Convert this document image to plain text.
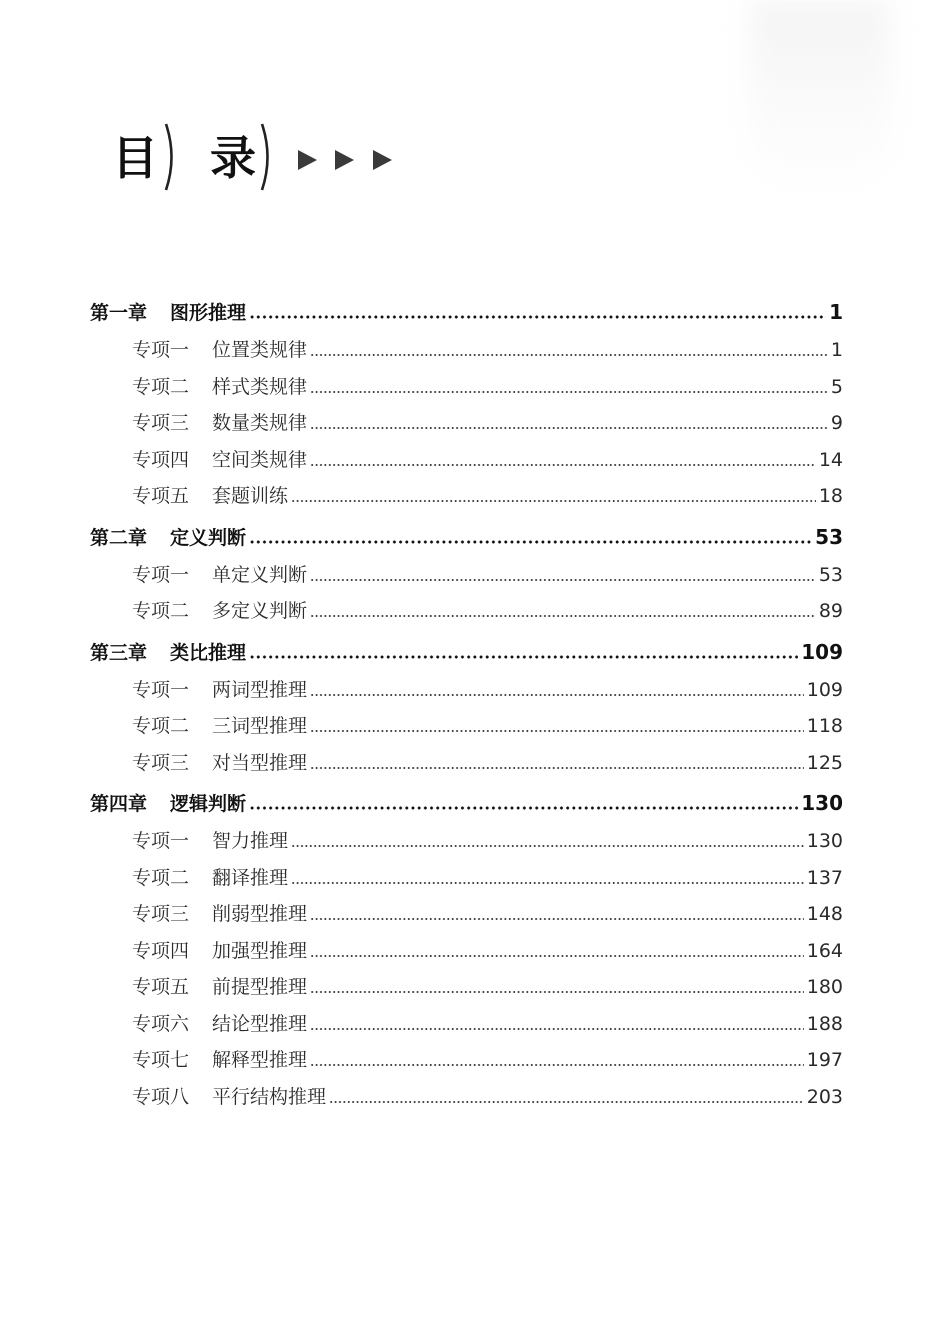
目 录
第一章	图形推理	1
专项一	位置类规律	1
专项二	样式类规律	5
专项三	数量类规律	9
专项四	空间类规律	14
专项五	套题训练	18
第二章	定义判断	53
专项一	单定义判断	53
专项二	多定义判断	89
第三章	类比推理	109
专项一	两词型推理	109
专项二	三词型推理	118
专项三	对当型推理	125
第四章	逻辑判断	130
专项一	智力推理	130
专项二	翻译推理	137
专项三	削弱型推理	148
专项四	加强型推理	164
专项五	前提型推理	180
专项六	结论型推理	188
专项七	解释型推理	197
专项八	平行结构推理	203
